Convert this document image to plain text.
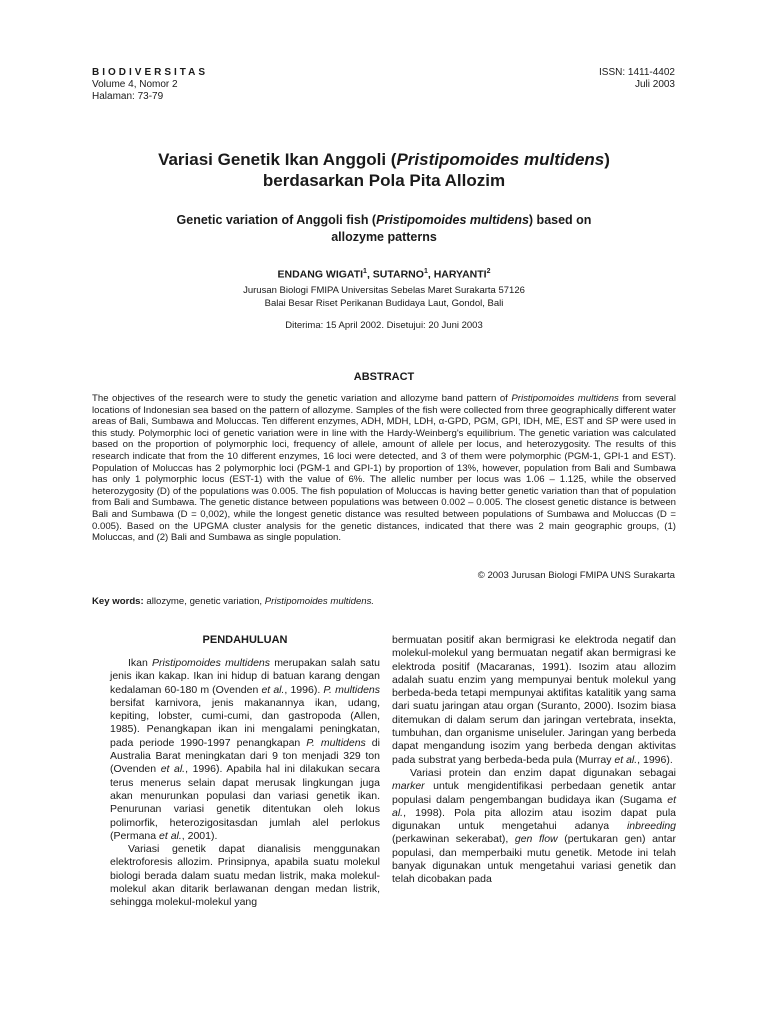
BIODIVERSITAS
Volume 4, Nomor 2
Halaman: 73-79
ISSN: 1411-4402
Juli 2003
Variasi Genetik Ikan Anggoli (Pristipomoides multidens)
berdasarkan Pola Pita Allozim
Genetic variation of Anggoli fish (Pristipomoides multidens) based on
allozyme patterns
ENDANG WIGATI$^1$, SUTARNO$^1$, HARYANTI$^2$
Jurusan Biologi FMIPA Universitas Sebelas Maret Surakarta 57126
Balai Besar Riset Perikanan Budidaya Laut, Gondol, Bali
Diterima: 15 April 2002. Disetujui: 20 Juni 2003
ABSTRACT
The objectives of the research were to study the genetic variation and allozyme band pattern of Pristipomoides multidens from several locations of Indonesian sea based on the pattern of allozyme. Samples of the fish were collected from three geographically different water areas of Bali, Sumbawa and Moluccas. Ten different enzymes, ADH, MDH, LDH, α-GPD, PGM, GPI, IDH, ME, EST and SP were used in this study. Polymorphic loci of genetic variation were in line with the Hardy-Weinberg's equilibrium. The genetic variation was calculated based on the proportion of polymorphic loci, frequency of allele, amount of allele per locus, and heterozygosity. The results of this research indicate that from the 10 different enzymes, 16 loci were detected, and 3 of them were polymorphic (PGM-1, GPI-1 and EST). Population of Moluccas has 2 polymorphic loci (PGM-1 and GPI-1) by proportion of 13%, however, population from Bali and Sumbawa has only 1 polymorphic locus (EST-1) with the value of 6%. The allelic number per locus was 1.06 – 1.125, while the observed heterozygosity (D) of the populations was 0.005. The fish population of Moluccas is having better genetic variation than that of population from Bali and Sumbawa. The genetic distance between populations was between 0.002 – 0.005. The closest genetic distance is between Bali and Sumbawa (D = 0,002), while the longest genetic distance was resulted between populations of Sumbawa and Moluccas (D = 0.005). Based on the UPGMA cluster analysis for the genetic distances, indicated that there was 2 main geographic groups, (1) Moluccas, and (2) Bali and Sumbawa as single population.
© 2003 Jurusan Biologi FMIPA UNS Surakarta
Key words: allozyme, genetic variation, Pristipomoides multidens.
PENDAHULUAN

Ikan Pristipomoides multidens merupakan salah satu jenis ikan kakap. Ikan ini hidup di batuan karang dengan kedalaman 60-180 m (Ovenden et al., 1996). P. multidens bersifat karnivora, jenis makanannya ikan, udang, kepiting, lobster, cumi-cumi, dan gastropoda (Allen, 1985). Penangkapan ikan ini mengalami peningkatan, pada periode 1990-1997 penangkapan P. multidens di Australia Barat meningkatan dari 9 ton menjadi 329 ton (Ovenden et al., 1996). Apabila hal ini dilakukan secara terus menerus selain dapat merusak lingkungan juga akan menurunkan populasi dan variasi genetik ikan. Penurunan variasi genetik ditentukan oleh lokus polimorfik, heterozigositasdan jumlah alel perlokus (Permana et al., 2001).

Variasi genetik dapat dianalisis menggunakan elektroforesis allozim. Prinsipnya, apabila suatu molekul biologi berada dalam suatu medan listrik, maka molekul-molekul akan ditarik berlawanan dengan medan listrik, sehingga molekul-molekul yang

bermuatan positif akan bermigrasi ke elektroda negatif dan molekul-molekul yang bermuatan negatif akan bermigrasi ke elektroda positif (Macaranas, 1991). Isozim atau allozim adalah suatu enzim yang mempunyai bentuk molekul yang berbeda-beda tetapi mempunyai aktifitas katalitik yang sama dari suatu jaringan atau organ (Suranto, 2000). Isozim biasa ditemukan di dalam serum dan jaringan vertebrata, insekta, tumbuhan, dan organisme uniseluler. Jaringan yang berbeda dapat mengandung isozim yang berbeda dengan aktivitas pada substrat yang berbeda-beda pula (Murray et al., 1996).

Variasi protein dan enzim dapat digunakan sebagai marker untuk mengidentifikasi perbedaan genetik antar populasi dalam pengembangan budidaya ikan (Sugama et al., 1998). Pola pita allozim atau isozim dapat pula digunakan untuk mengetahui adanya inbreeding (perkawinan sekerabat), gen flow (pertukaran gen) antar populasi, dan memperbaiki mutu genetik. Metode ini telah banyak digunakan untuk mengetahui variasi genetik dan telah dicobakan pada
